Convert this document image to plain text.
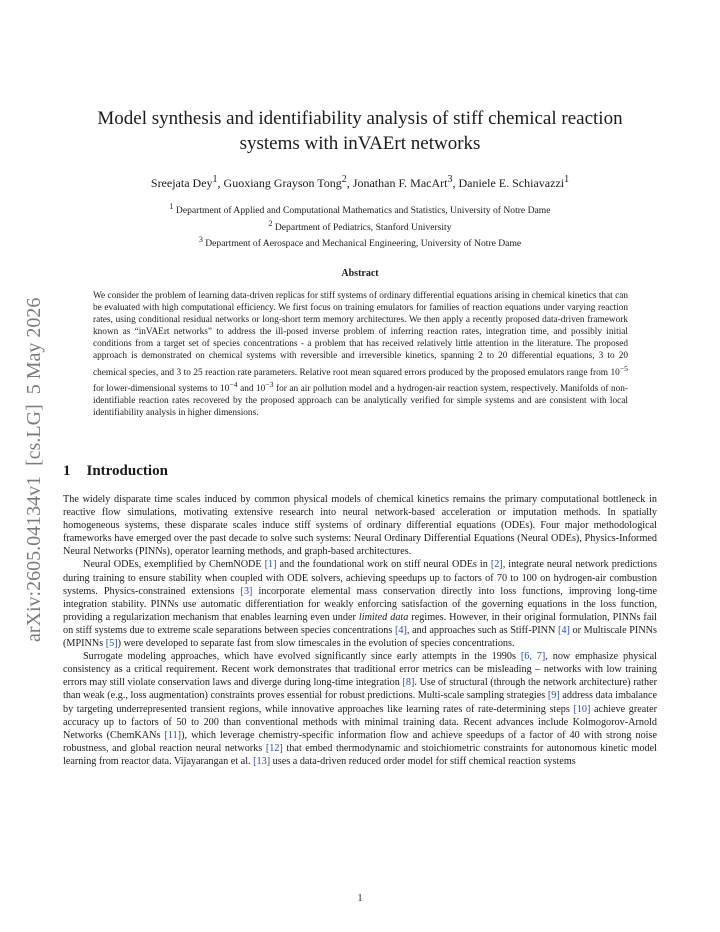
arXiv:2605.04134v1  [cs.LG]  5 May 2026
Model synthesis and identifiability analysis of stiff chemical reaction systems with inVAErt networks
Sreejata Dey$^1$, Guoxiang Grayson Tong$^2$, Jonathan F. MacArt$^3$, Daniele E. Schiavazzi$^1$
$^1$ Department of Applied and Computational Mathematics and Statistics, University of Notre Dame
$^2$ Department of Pediatrics, Stanford University
$^3$ Department of Aerospace and Mechanical Engineering, University of Notre Dame
Abstract

We consider the problem of learning data-driven replicas for stiff systems of ordinary differential equations arising in chemical kinetics that can be evaluated with high computational efficiency. We first focus on training emulators for families of reaction equations under varying reaction rates, using conditional residual networks or long-short term memory architectures. We then apply a recently proposed data-driven framework known as “inVAErt networks” to address the ill-posed inverse problem of inferring reaction rates, integration time, and possibly initial conditions from a target set of species concentrations - a problem that has received relatively little attention in the literature. The proposed approach is demonstrated on chemical systems with reversible and irreversible kinetics, spanning 2 to 20 differential equations, 3 to 20 chemical species, and 3 to 25 reaction rate parameters. Relative root mean squared errors produced by the proposed emulators range from $10^{-5}$ for lower-dimensional systems to $10^{-4}$ and $10^{-3}$ for an air pollution model and a hydrogen-air reaction system, respectively. Manifolds of non-identifiable reaction rates recovered by the proposed approach can be analytically verified for simple systems and are consistent with local identifiability analysis in higher dimensions.

1 Introduction

The widely disparate time scales induced by common physical models of chemical kinetics remains the primary computational bottleneck in reactive flow simulations, motivating extensive research into neural network-based acceleration or imputation methods. In spatially homogeneous systems, these disparate scales induce stiff systems of ordinary differential equations (ODEs). Four major methodological frameworks have emerged over the past decade to solve such systems: Neural Ordinary Differential Equations (Neural ODEs), Physics-Informed Neural Networks (PINNs), operator learning methods, and graph-based architectures.

Neural ODEs, exemplified by ChemNODE [1] and the foundational work on stiff neural ODEs in [2], integrate neural network predictions during training to ensure stability when coupled with ODE solvers, achieving speedups up to factors of 70 to 100 on hydrogen-air combustion systems. Physics-constrained extensions [3] incorporate elemental mass conservation directly into loss functions, improving long-time integration stability. PINNs use automatic differentiation for weakly enforcing satisfaction of the governing equations in the loss function, providing a regularization mechanism that enables learning even under limited data regimes. However, in their original formulation, PINNs fail on stiff systems due to extreme scale separations between species concentrations [4], and approaches such as Stiff-PINN [4] or Multiscale PINNs (MPINNs [5]) were developed to separate fast from slow timescales in the evolution of species concentrations.

Surrogate modeling approaches, which have evolved significantly since early attempts in the 1990s [6, 7], now emphasize physical consistency as a critical requirement. Recent work demonstrates that traditional error metrics can be misleading – networks with low training errors may still violate conservation laws and diverge during long-time integration [8]. Use of structural (through the network architecture) rather than weak (e.g., loss augmentation) constraints proves essential for robust predictions. Multi-scale sampling strategies [9] address data imbalance by targeting underrepresented transient regions, while innovative approaches like learning rates of rate-determining steps [10] achieve greater accuracy up to factors of 50 to 200 than conventional methods with minimal training data. Recent advances include Kolmogorov-Arnold Networks (ChemKANs [11]), which leverage chemistry-specific information flow and achieve speedups of a factor of 40 with strong noise robustness, and global reaction neural networks [12] that embed thermodynamic and stoichiometric constraints for autonomous kinetic model learning from reactor data. Vijayarangan et al. [13] uses a data-driven reduced order model for stiff chemical reaction systems

1
